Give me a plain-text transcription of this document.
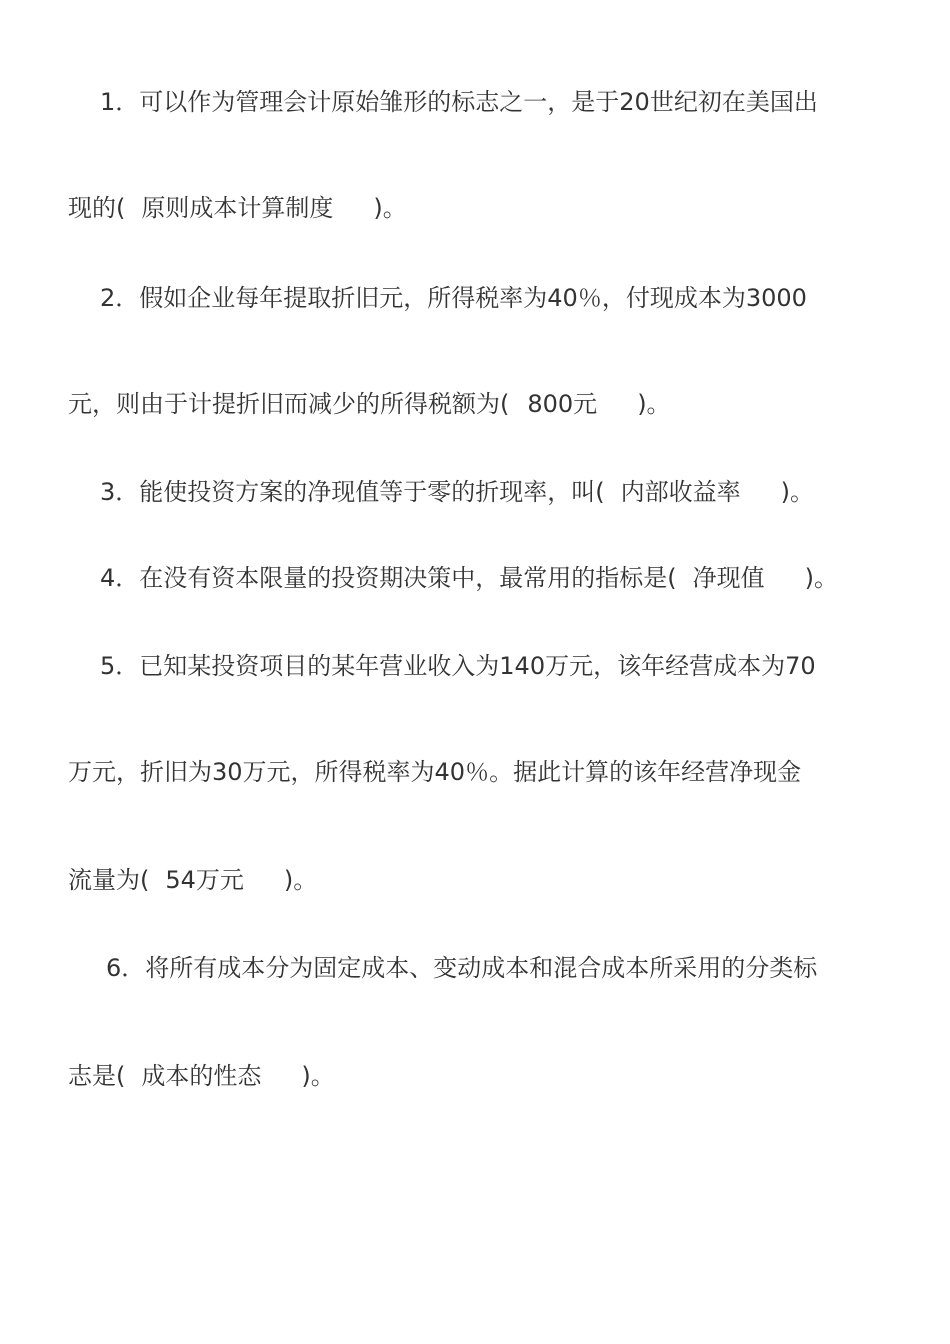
1．可以作为管理会计原始雏形的标志之一，是于20世纪初在美国出
现的( 原则成本计算制度 )。
2．假如企业每年提取折旧元，所得税率为40％，付现成本为3000
元，则由于计提折旧而减少的所得税额为( 800元 )。
3．能使投资方案的净现值等于零的折现率，叫( 内部收益率 )。
4．在没有资本限量的投资期决策中，最常用的指标是( 净现值 )。
5．已知某投资项目的某年营业收入为140万元，该年经营成本为70
万元，折旧为30万元，所得税率为40％。据此计算的该年经营净现金
流量为( 54万元 )。
6．将所有成本分为固定成本、变动成本和混合成本所采用的分类标
志是( 成本的性态 )。
